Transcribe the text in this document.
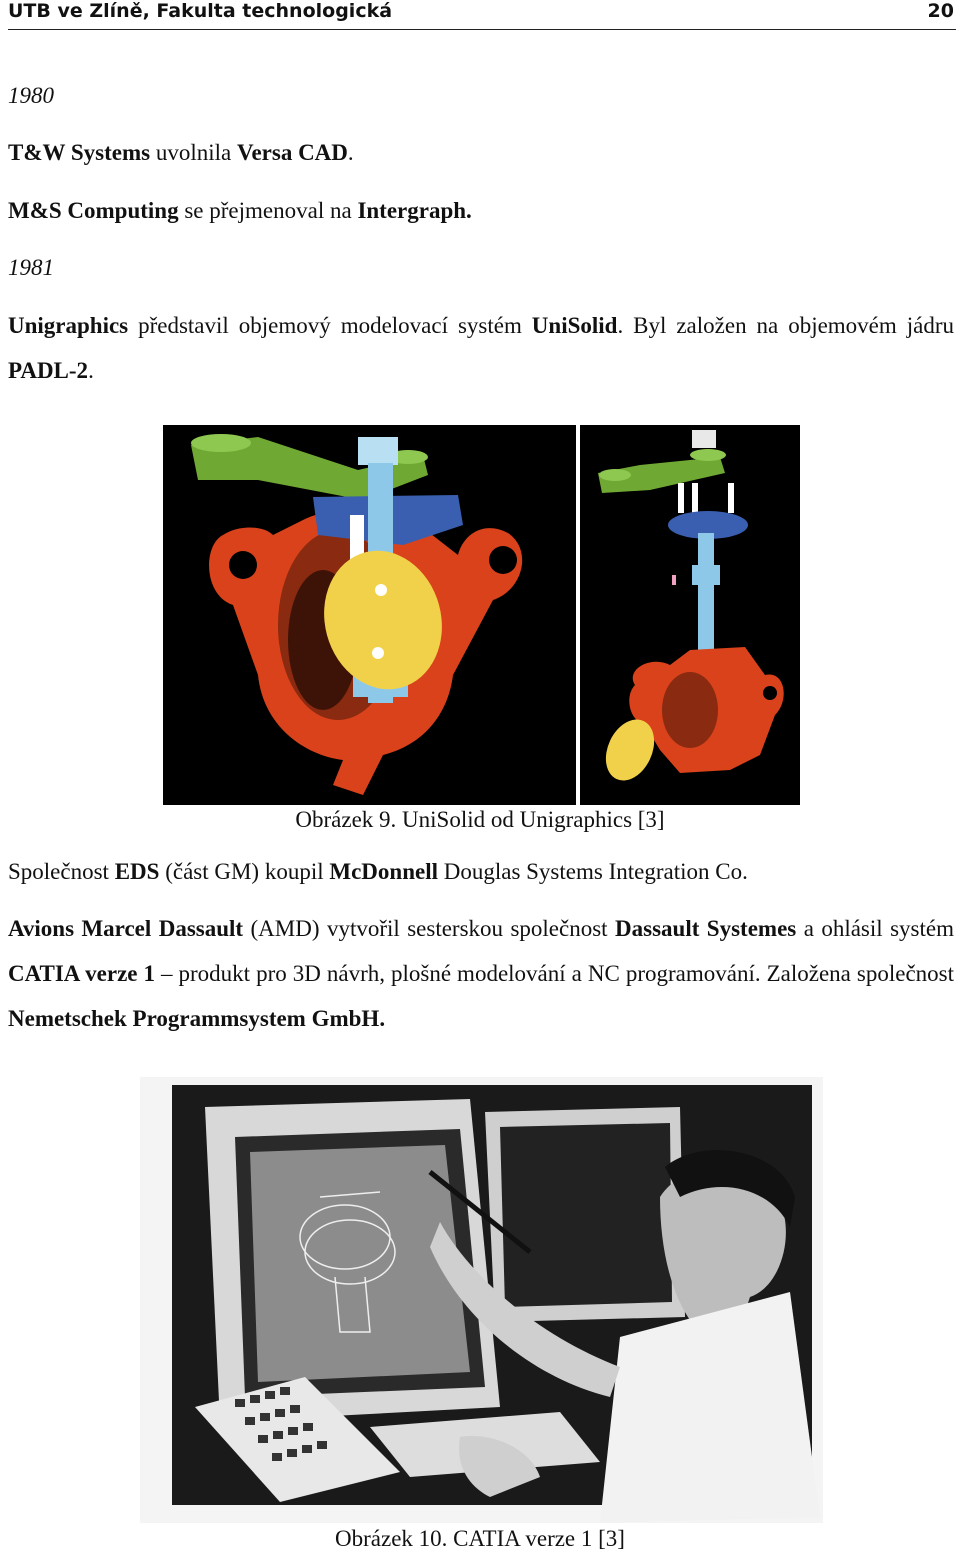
UTB ve Zlíně, Fakulta technologická	20

1980

T&W Systems uvolnila Versa CAD.

M&S Computing se přejmenoval na Intergraph.

1981

Unigraphics představil objemový modelovací systém UniSolid. Byl založen na objemovém jádru PADL-2.

Obrázek 9. UniSolid od Unigraphics [3]

Společnost EDS (část GM) koupil McDonnell Douglas Systems Integration Co.

Avions Marcel Dassault (AMD) vytvořil sesterskou společnost Dassault Systemes a ohlásil systém CATIA verze 1 – produkt pro 3D návrh, plošné modelování a NC programování. Založena společnost Nemetschek Programmsystem GmbH.

Obrázek 10. CATIA verze 1 [3]
